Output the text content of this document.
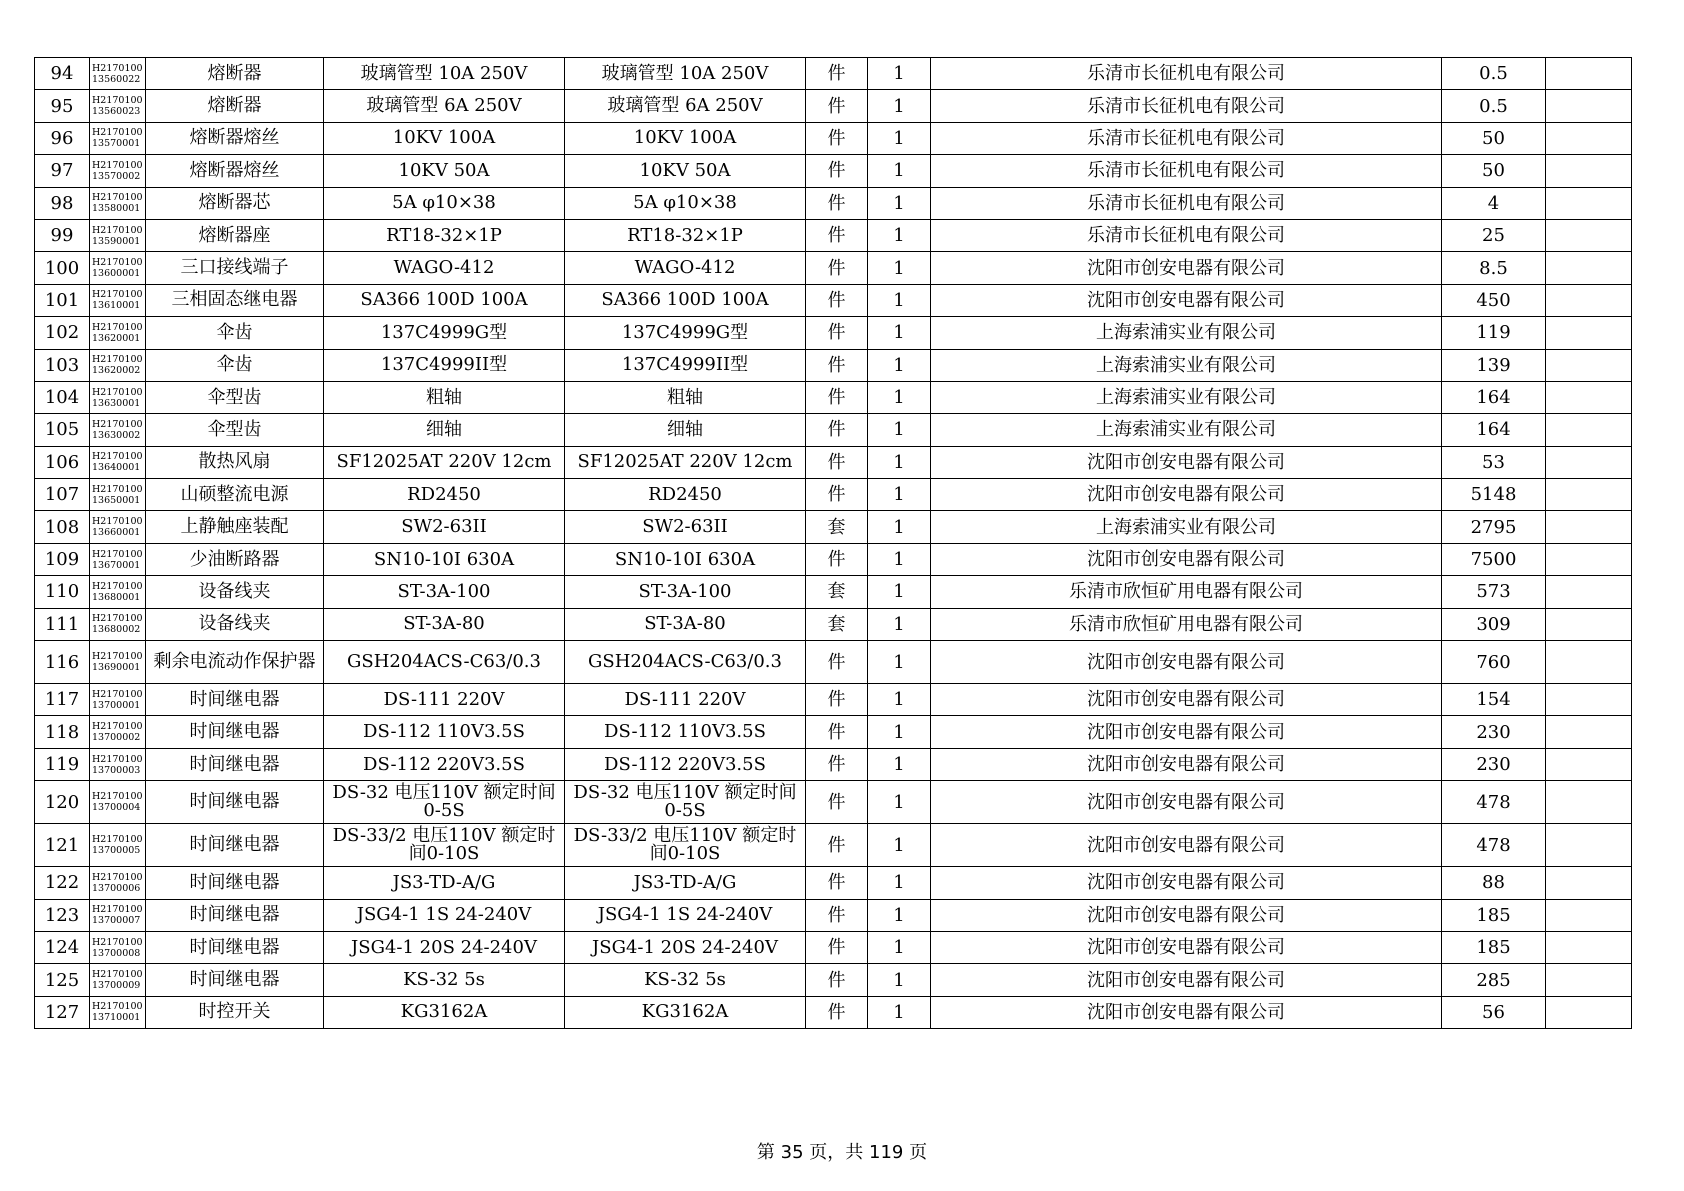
94	H2170100 13560022	熔断器	玻璃管型 10A 250V	玻璃管型 10A 250V	件	1	乐清市长征机电有限公司	0.5	
95	H2170100 13560023	熔断器	玻璃管型 6A 250V	玻璃管型 6A 250V	件	1	乐清市长征机电有限公司	0.5	
96	H2170100 13570001	熔断器熔丝	10KV 100A	10KV 100A	件	1	乐清市长征机电有限公司	50	
97	H2170100 13570002	熔断器熔丝	10KV 50A	10KV 50A	件	1	乐清市长征机电有限公司	50	
98	H2170100 13580001	熔断器芯	5A φ10×38	5A φ10×38	件	1	乐清市长征机电有限公司	4	
99	H2170100 13590001	熔断器座	RT18-32×1P	RT18-32×1P	件	1	乐清市长征机电有限公司	25	
100	H2170100 13600001	三口接线端子	WAGO-412	WAGO-412	件	1	沈阳市创安电器有限公司	8.5	
101	H2170100 13610001	三相固态继电器	SA366 100D 100A	SA366 100D 100A	件	1	沈阳市创安电器有限公司	450	
102	H2170100 13620001	伞齿	137C4999G型	137C4999G型	件	1	上海索浦实业有限公司	119	
103	H2170100 13620002	伞齿	137C4999II型	137C4999II型	件	1	上海索浦实业有限公司	139	
104	H2170100 13630001	伞型齿	粗轴	粗轴	件	1	上海索浦实业有限公司	164	
105	H2170100 13630002	伞型齿	细轴	细轴	件	1	上海索浦实业有限公司	164	
106	H2170100 13640001	散热风扇	SF12025AT 220V 12cm	SF12025AT 220V 12cm	件	1	沈阳市创安电器有限公司	53	
107	H2170100 13650001	山硕整流电源	RD2450	RD2450	件	1	沈阳市创安电器有限公司	5148	
108	H2170100 13660001	上静触座装配	SW2-63II	SW2-63II	套	1	上海索浦实业有限公司	2795	
109	H2170100 13670001	少油断路器	SN10-10I 630A	SN10-10I 630A	件	1	沈阳市创安电器有限公司	7500	
110	H2170100 13680001	设备线夹	ST-3A-100	ST-3A-100	套	1	乐清市欣恒矿用电器有限公司	573	
111	H2170100 13680002	设备线夹	ST-3A-80	ST-3A-80	套	1	乐清市欣恒矿用电器有限公司	309	
116	H2170100 13690001	剩余电流动作保护器	GSH204ACS-C63/0.3	GSH204ACS-C63/0.3	件	1	沈阳市创安电器有限公司	760	
117	H2170100 13700001	时间继电器	DS-111 220V	DS-111 220V	件	1	沈阳市创安电器有限公司	154	
118	H2170100 13700002	时间继电器	DS-112 110V3.5S	DS-112 110V3.5S	件	1	沈阳市创安电器有限公司	230	
119	H2170100 13700003	时间继电器	DS-112 220V3.5S	DS-112 220V3.5S	件	1	沈阳市创安电器有限公司	230	
120	H2170100 13700004	时间继电器	DS-32 电压110V 额定时间0-5S	DS-32 电压110V 额定时间0-5S	件	1	沈阳市创安电器有限公司	478	
121	H2170100 13700005	时间继电器	DS-33/2 电压110V 额定时间0-10S	DS-33/2 电压110V 额定时间0-10S	件	1	沈阳市创安电器有限公司	478	
122	H2170100 13700006	时间继电器	JS3-TD-A/G	JS3-TD-A/G	件	1	沈阳市创安电器有限公司	88	
123	H2170100 13700007	时间继电器	JSG4-1 1S 24-240V	JSG4-1 1S 24-240V	件	1	沈阳市创安电器有限公司	185	
124	H2170100 13700008	时间继电器	JSG4-1 20S 24-240V	JSG4-1 20S 24-240V	件	1	沈阳市创安电器有限公司	185	
125	H2170100 13700009	时间继电器	KS-32 5s	KS-32 5s	件	1	沈阳市创安电器有限公司	285	
127	H2170100 13710001	时控开关	KG3162A	KG3162A	件	1	沈阳市创安电器有限公司	56	
第 35 页，共 119 页
